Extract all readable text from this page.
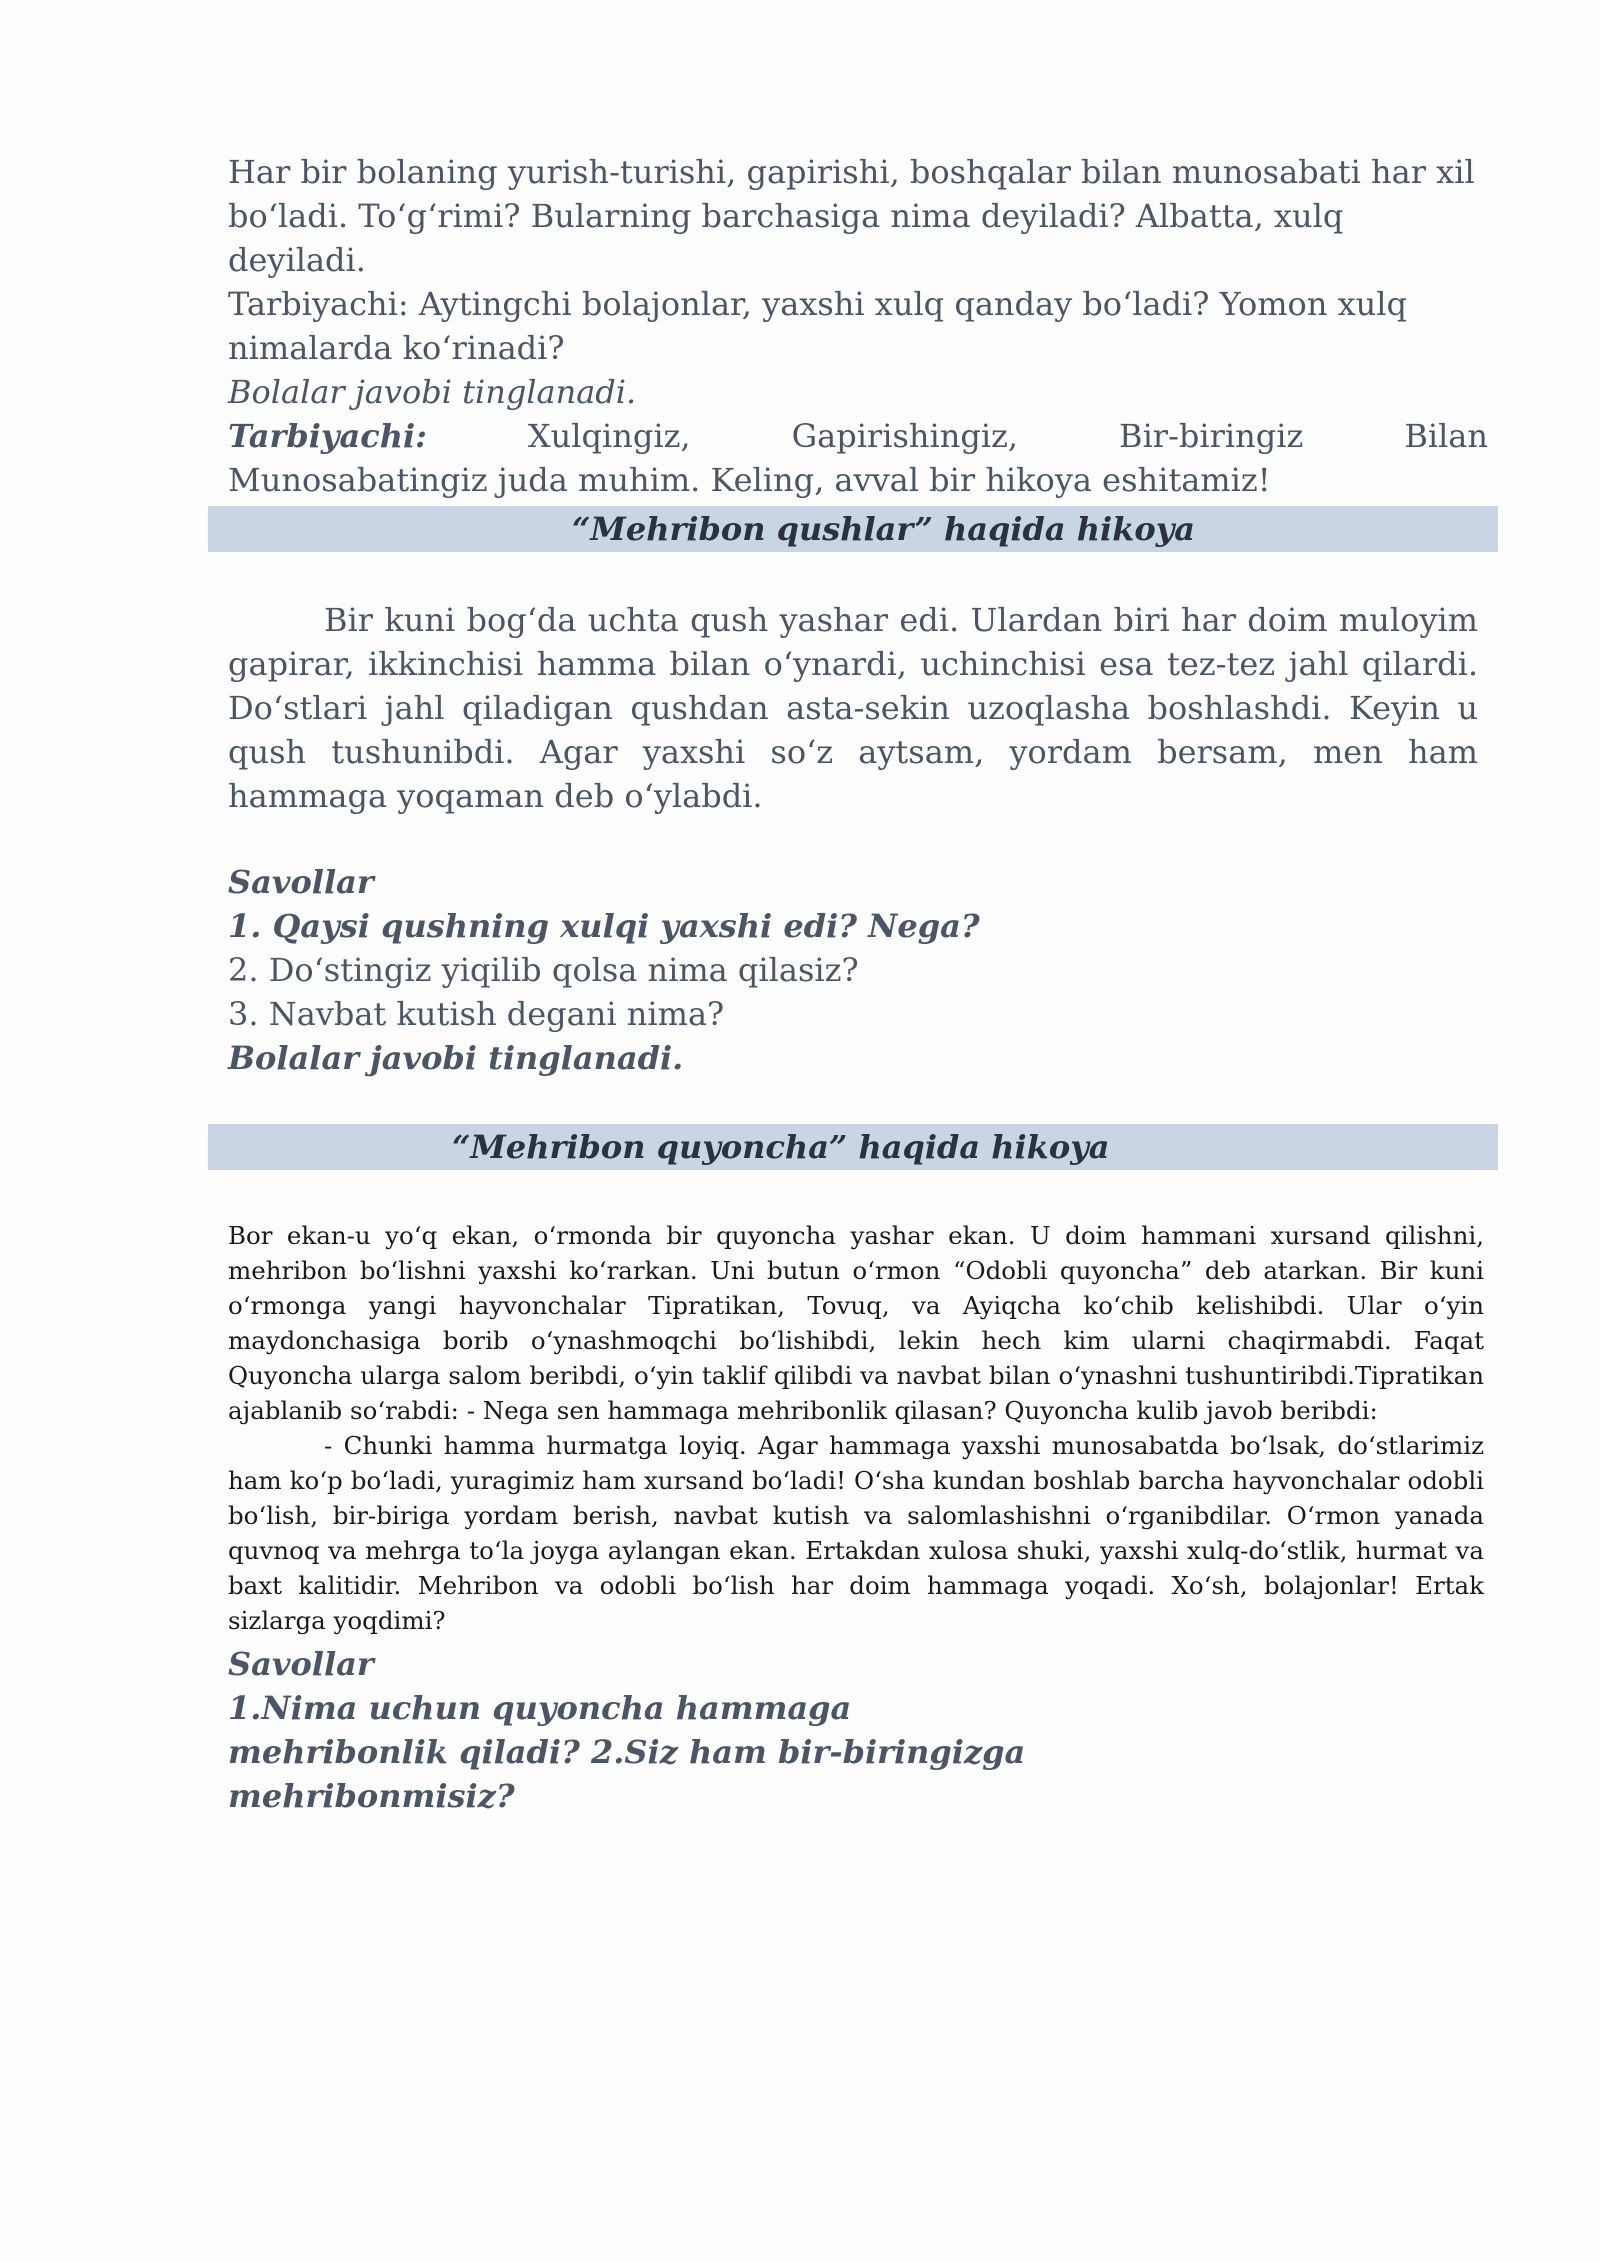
Har bir bolaning yurish-turishi, gapirishi, boshqalar bilan munosabati har xil bo‘ladi. To‘g‘rimi? Bularning barchasiga nima deyiladi? Albatta, xulq deyiladi.

Tarbiyachi: Aytingchi bolajonlar, yaxshi xulq qanday bo‘ladi? Yomon xulq nimalarda ko‘rinadi?

Bolalar javobi tinglanadi.

Tarbiyachi:	Xulqingiz,	Gapirishingiz,	Bir-biringiz	Bilan

Munosabatingiz juda muhim. Keling, avval bir hikoya eshitamiz!

“Mehribon qushlar” haqida hikoya

Bir kuni bog‘da uchta qush yashar edi. Ulardan biri har doim muloyim gapirar, ikkinchisi hamma bilan o‘ynardi, uchinchisi esa tez-tez jahl qilardi. Do‘stlari jahl qiladigan qushdan asta-sekin uzoqlasha boshlashdi. Keyin u qush tushunibdi. Agar yaxshi so‘z aytsam, yordam bersam, men ham hammaga yoqaman deb o‘ylabdi.

Savollar

1. Qaysi qushning xulqi yaxshi edi? Nega?

2. Do‘stingiz yiqilib qolsa nima qilasiz?

3. Navbat kutish degani nima?

Bolalar javobi tinglanadi.

“Mehribon quyoncha” haqida hikoya

Bor ekan-u yo‘q ekan, o‘rmonda bir quyoncha yashar ekan. U doim hammani xursand qilishni, mehribon bo‘lishni yaxshi ko‘rarkan. Uni butun o‘rmon “Odobli quyoncha” deb atarkan. Bir kuni o‘rmonga yangi hayvonchalar Tipratikan, Tovuq, va Ayiqcha ko‘chib kelishibdi. Ular o‘yin maydonchasiga borib o‘ynashmoqchi bo‘lishibdi, lekin hech kim ularni chaqirmabdi. Faqat Quyoncha ularga salom beribdi, o‘yin taklif qilibdi va navbat bilan o‘ynashni tushuntiribdi.Tipratikan ajablanib so‘rabdi: - Nega sen hammaga mehribonlik qilasan? Quyoncha kulib javob beribdi:

- Chunki hamma hurmatga loyiq. Agar hammaga yaxshi munosabatda bo‘lsak, do‘stlarimiz ham ko‘p bo‘ladi, yuragimiz ham xursand bo‘ladi! O‘sha kundan boshlab barcha hayvonchalar odobli bo‘lish, bir-biriga yordam berish, navbat kutish va salomlashishni o‘rganibdilar. O‘rmon yanada quvnoq va mehrga to‘la joyga aylangan ekan. Ertakdan xulosa shuki, yaxshi xulq-do‘stlik, hurmat va baxt kalitidir. Mehribon va odobli bo‘lish har doim hammaga yoqadi. Xo‘sh, bolajonlar! Ertak sizlarga yoqdimi?

Savollar

1.Nima uchun quyoncha hammaga mehribonlik qiladi? 2.Siz ham bir-biringizga mehribonmisiz?
